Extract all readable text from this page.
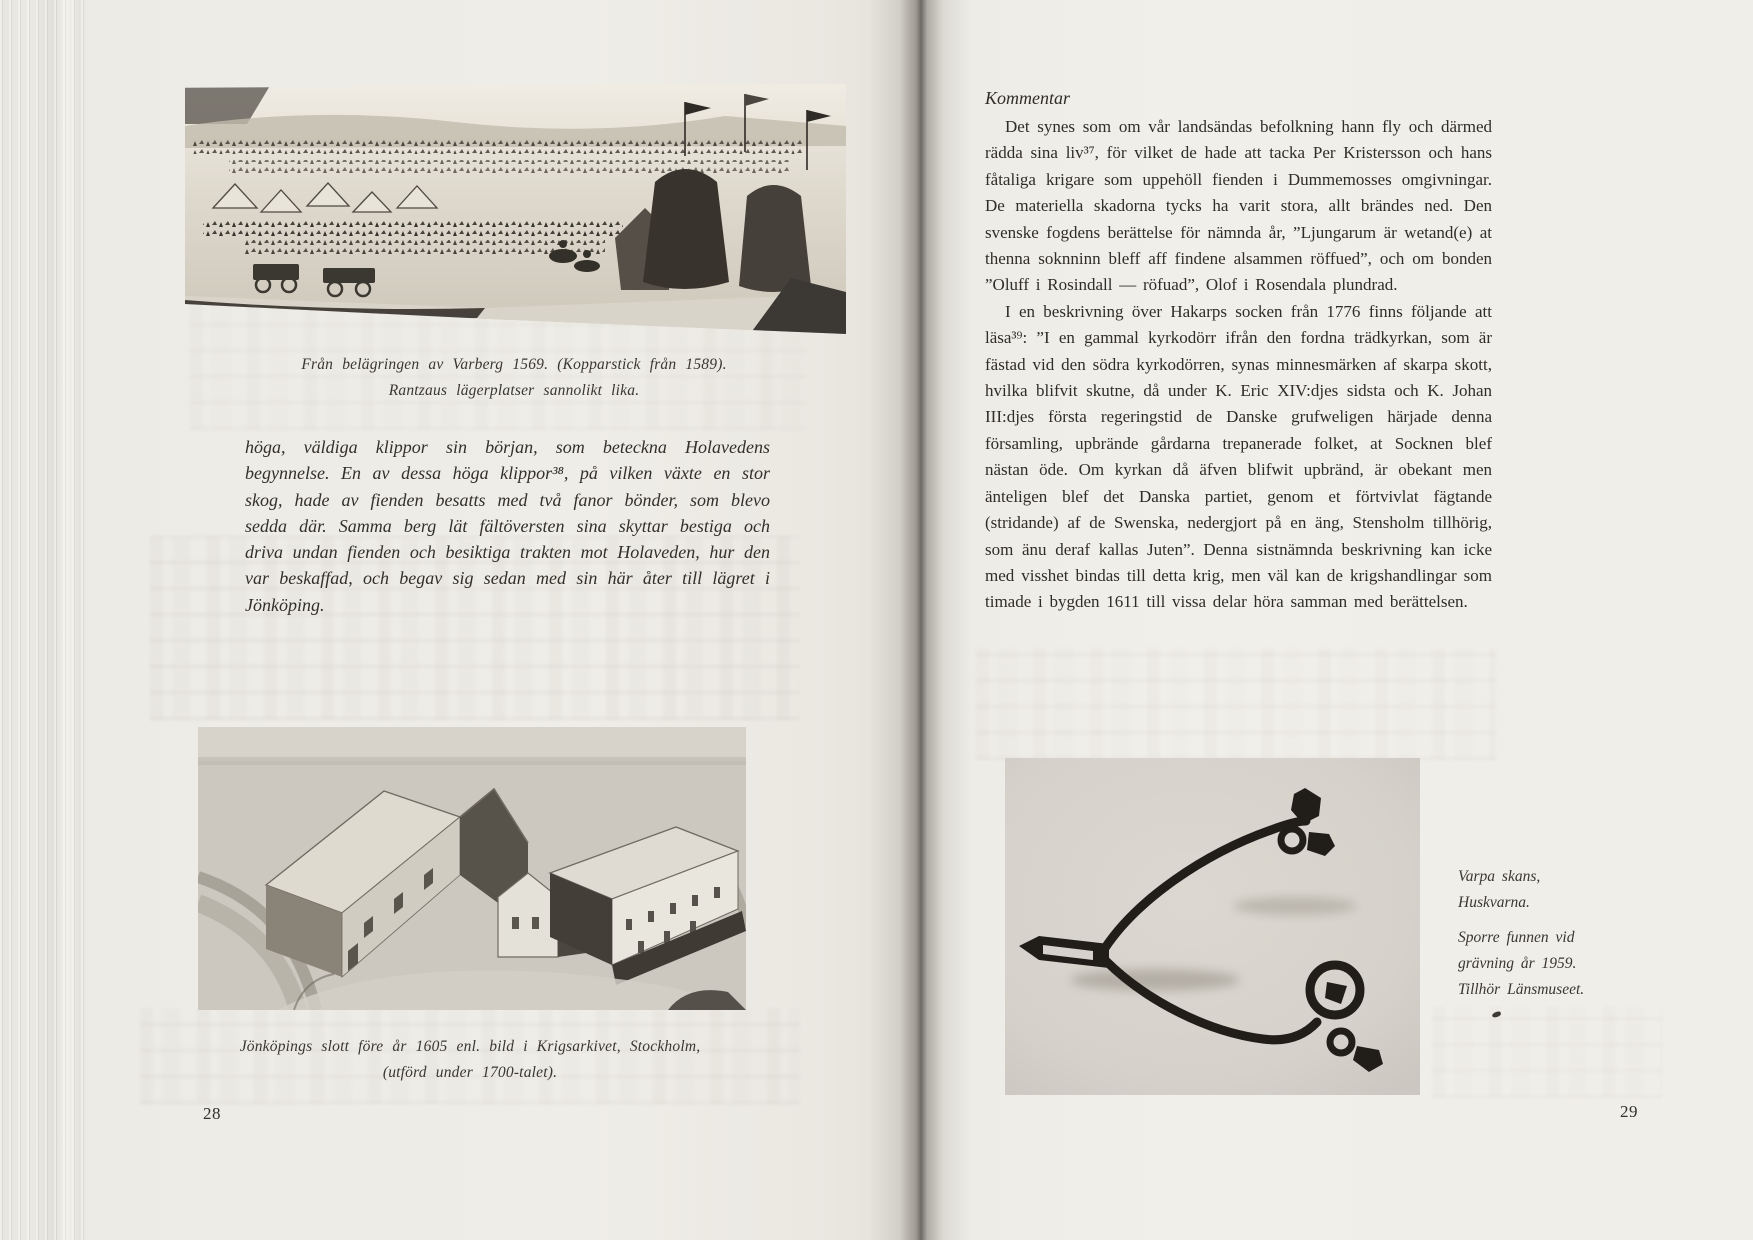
Från belägringen av Varberg 1569. (Kopparstick från 1589).
Rantzaus lägerplatser sannolikt lika.
höga, väldiga klippor sin början, som beteckna Holavedens begynnelse. En av dessa höga klippor³⁸, på vilken växte en stor skog, hade av fienden besatts med två fanor bönder, som blevo sedda där. Samma berg lät fältöversten sina skyttar bestiga och driva undan fienden och besiktiga trakten mot Holaveden, hur den var beskaffad, och begav sig sedan med sin här åter till lägret i Jönköping.
Jönköpings slott före år 1605 enl. bild i Krigsarkivet, Stockholm,
(utförd under 1700-talet).
28
Kommentar

Det synes som om vår landsändas befolkning hann fly och därmed rädda sina liv³⁷, för vilket de hade att tacka Per Kristersson och hans fåtaliga krigare som uppehöll fienden i Dummemosses omgivningar. De materiella skadorna tycks ha varit stora, allt brändes ned. Den svenske fogdens berättelse för nämnda år, ”Ljungarum är wetand(e) at thenna soknninn bleff aff findene alsammen röffued”, och om bonden ”Oluff i Rosindall — röfuad”, Olof i Rosendala plundrad.

I en beskrivning över Hakarps socken från 1776 finns följande att läsa³⁹: ”I en gammal kyrkodörr ifrån den fordna trädkyrkan, som är fästad vid den södra kyrkodörren, synas minnesmärken af skarpa skott, hvilka blifvit skutne, då under K. Eric XIV:djes sidsta och K. Johan III:djes första regeringstid de Danske grufweligen härjade denna församling, upbrände gårdarna trepanerade folket, at Socknen blef nästan öde. Om kyrkan då äfven blifwit upbränd, är obekant men änteligen blef det Danska partiet, genom et förtvivlat fägtande (stridande) af de Swenska, nedergjort på en äng, Stensholm tillhörig, som änu deraf kallas Juten”. Denna sistnämnda beskrivning kan icke med visshet bindas till detta krig, men väl kan de krigshandlingar som timade i bygden 1611 till vissa delar höra samman med berättelsen.

Varpa skans,
Huskvarna.
Sporre funnen vid
grävning år 1959.
Tillhör Länsmuseet.
29
